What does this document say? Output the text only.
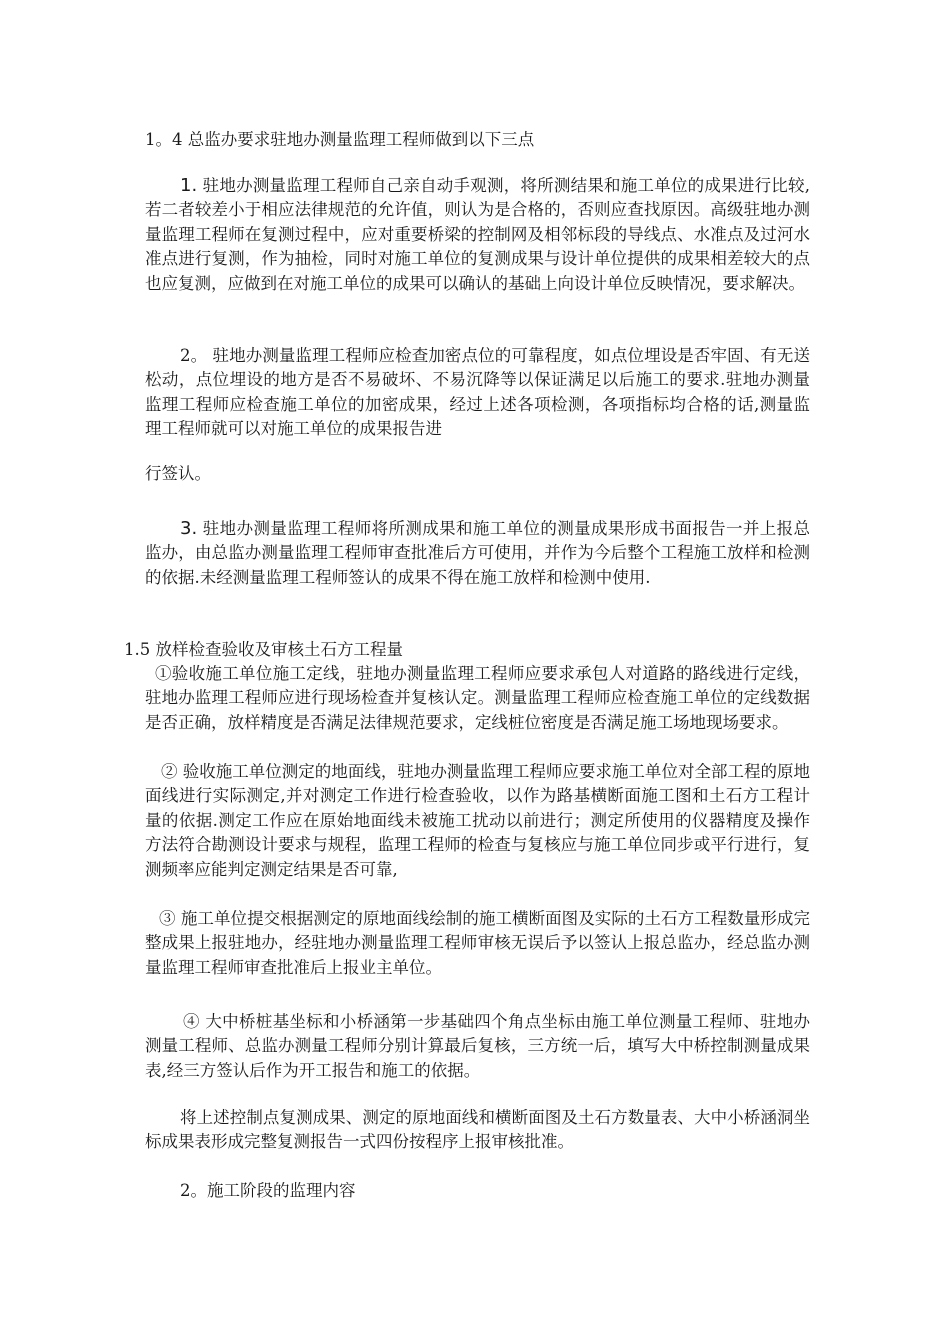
1。4 总监办要求驻地办测量监理工程师做到以下三点

1. 驻地办测量监理工程师自己亲自动手观测，将所测结果和施工单位的成果进行比较,若二者较差小于相应法律规范的允许值，则认为是合格的，否则应查找原因。高级驻地办测量监理工程师在复测过程中，应对重要桥梁的控制网及相邻标段的导线点、水准点及过河水准点进行复测，作为抽检，同时对施工单位的复测成果与设计单位提供的成果相差较大的点也应复测，应做到在对施工单位的成果可以确认的基础上向设计单位反映情况，要求解决。

2。 驻地办测量监理工程师应检查加密点位的可靠程度，如点位埋设是否牢固、有无送松动，点位埋设的地方是否不易破坏、不易沉降等以保证满足以后施工的要求.驻地办测量监理工程师应检查施工单位的加密成果，经过上述各项检测，各项指标均合格的话,测量监理工程师就可以对施工单位的成果报告进

行签认。

3. 驻地办测量监理工程师将所测成果和施工单位的测量成果形成书面报告一并上报总监办，由总监办测量监理工程师审查批准后方可使用，并作为今后整个工程施工放样和检测的依据.未经测量监理工程师签认的成果不得在施工放样和检测中使用.

1.5 放样检查验收及审核土石方工程量

①验收施工单位施工定线，驻地办测量监理工程师应要求承包人对道路的路线进行定线，驻地办监理工程师应进行现场检查并复核认定。测量监理工程师应检查施工单位的定线数据是否正确，放样精度是否满足法律规范要求，定线桩位密度是否满足施工场地现场要求。

② 验收施工单位测定的地面线，驻地办测量监理工程师应要求施工单位对全部工程的原地面线进行实际测定,并对测定工作进行检查验收，以作为路基横断面施工图和土石方工程计量的依据.测定工作应在原始地面线未被施工扰动以前进行；测定所使用的仪器精度及操作方法符合勘测设计要求与规程，监理工程师的检查与复核应与施工单位同步或平行进行，复测频率应能判定测定结果是否可靠,

③ 施工单位提交根据测定的原地面线绘制的施工横断面图及实际的土石方工程数量形成完整成果上报驻地办，经驻地办测量监理工程师审核无误后予以签认上报总监办，经总监办测量监理工程师审查批准后上报业主单位。

④ 大中桥桩基坐标和小桥涵第一步基础四个角点坐标由施工单位测量工程师、驻地办测量工程师、总监办测量工程师分别计算最后复核，三方统一后，填写大中桥控制测量成果表,经三方签认后作为开工报告和施工的依据。

将上述控制点复测成果、测定的原地面线和横断面图及土石方数量表、大中小桥涵洞坐标成果表形成完整复测报告一式四份按程序上报审核批准。

2。施工阶段的监理内容
